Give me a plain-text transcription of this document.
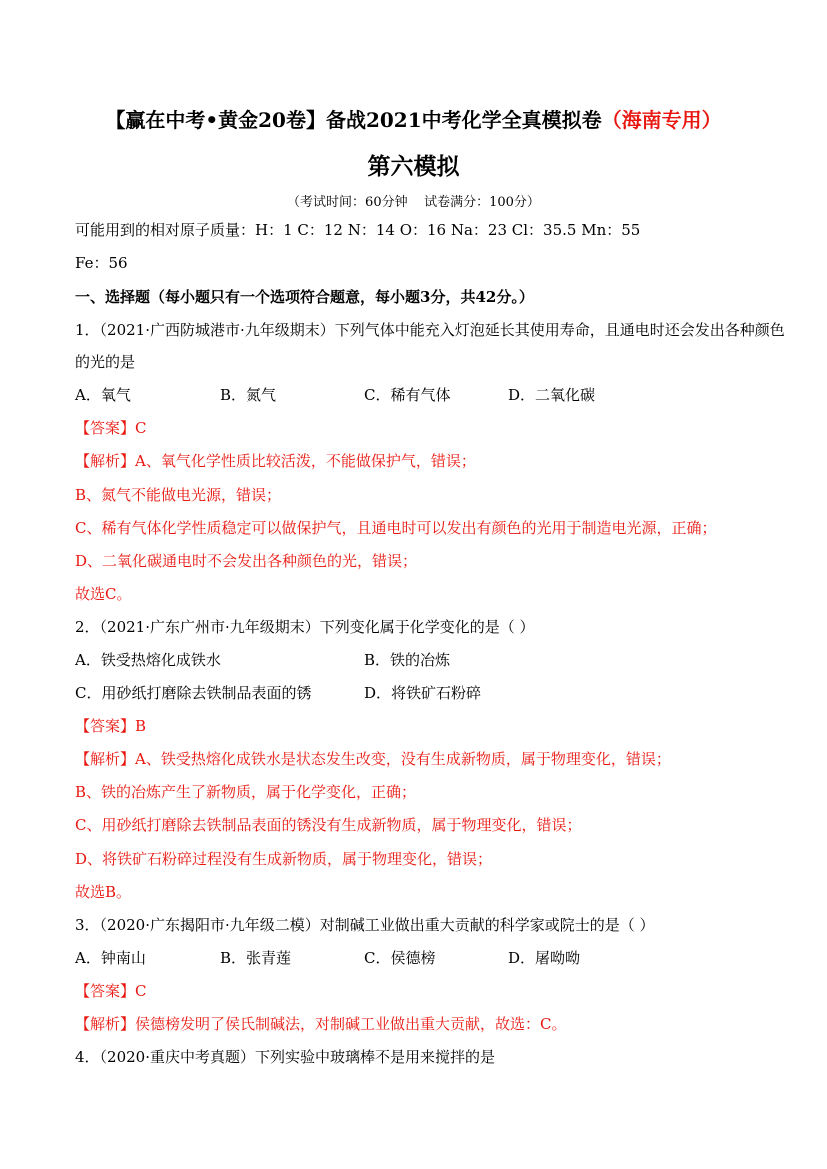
【赢在中考•黄金20卷】备战2021中考化学全真模拟卷（海南专用）
第六模拟
（考试时间：60分钟    试卷满分：100分）
可能用到的相对原子质量：H：1 C：12 N：14 O：16 Na：23 Cl：35.5 Mn：55
Fe：56
一、选择题（每小题只有一个选项符合题意，每小题3分，共42分。）
1．（2021·广西防城港市·九年级期末）下列气体中能充入灯泡延长其使用寿命，且通电时还会发出各种颜色
的光的是
A．氧气	B．氮气	C．稀有气体	D．二氧化碳
【答案】C
【解析】A、氧气化学性质比较活泼，不能做保护气，错误；
B、氮气不能做电光源，错误；
C、稀有气体化学性质稳定可以做保护气，且通电时可以发出有颜色的光用于制造电光源，正确；
D、二氧化碳通电时不会发出各种颜色的光，错误；
故选C。
2．（2021·广东广州市·九年级期末）下列变化属于化学变化的是（ ）
A．铁受热熔化成铁水	B．铁的冶炼
C．用砂纸打磨除去铁制品表面的锈	D．将铁矿石粉碎
【答案】B
【解析】A、铁受热熔化成铁水是状态发生改变，没有生成新物质，属于物理变化，错误；
B、铁的冶炼产生了新物质，属于化学变化，正确；
C、用砂纸打磨除去铁制品表面的锈没有生成新物质，属于物理变化，错误；
D、将铁矿石粉碎过程没有生成新物质，属于物理变化，错误；
故选B。
3．（2020·广东揭阳市·九年级二模）对制碱工业做出重大贡献的科学家或院士的是（ ）
A．钟南山	B．张青莲	C．侯德榜	D．屠呦呦
【答案】C
【解析】侯德榜发明了侯氏制碱法，对制碱工业做出重大贡献，故选：C。
4．（2020·重庆中考真题）下列实验中玻璃棒不是用来搅拌的是
